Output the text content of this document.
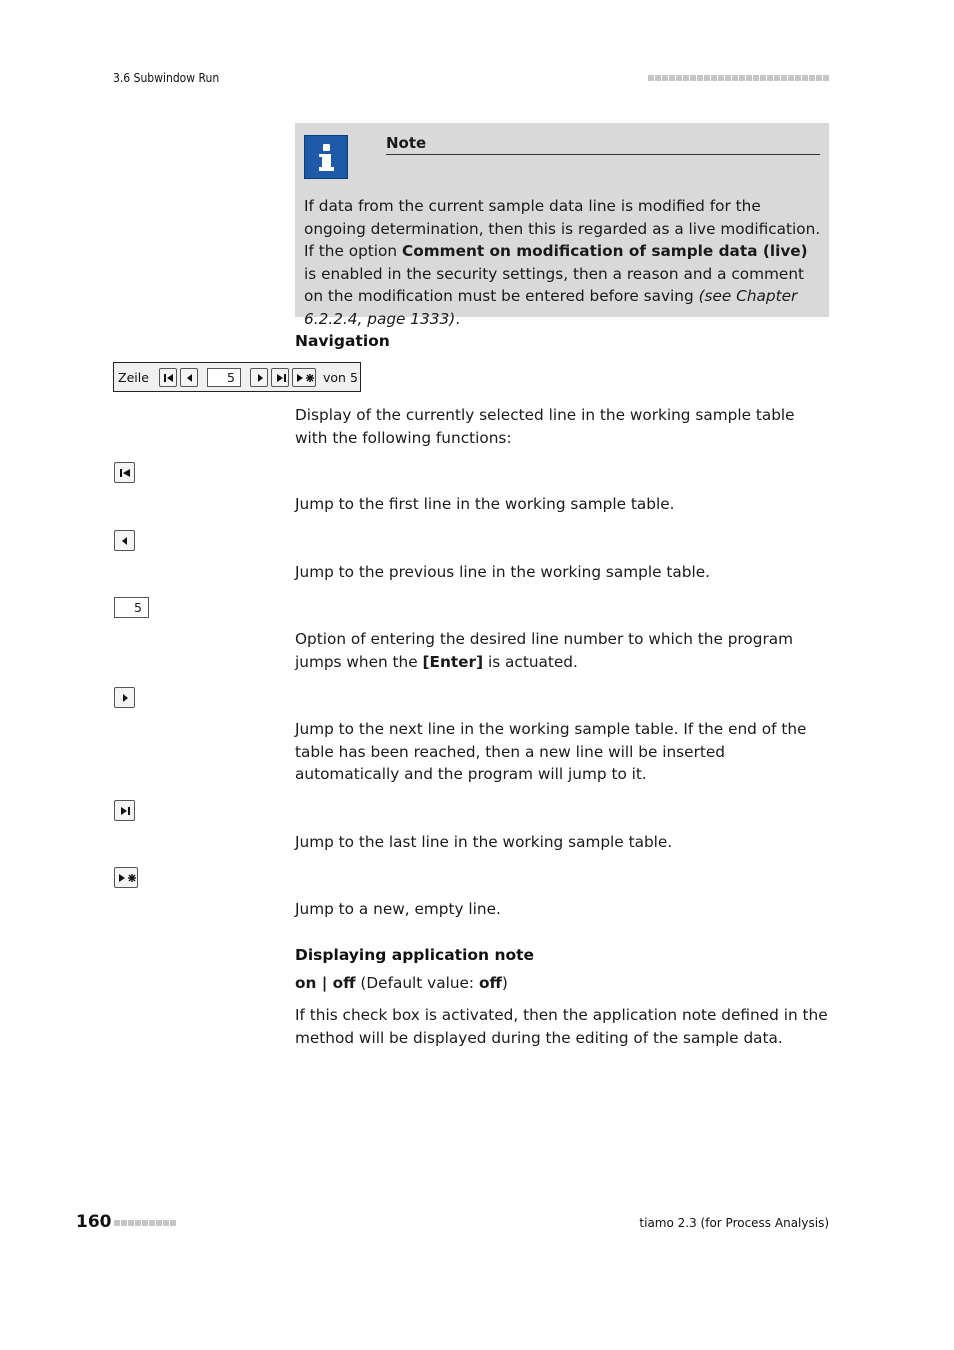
3.6 Subwindow Run
Note
If data from the current sample data line is modified for the ongoing determination, then this is regarded as a live modification. If the option Comment on modification of sample data (live) is enabled in the security settings, then a reason and a comment on the modification must be entered before saving (see Chapter 6.2.2.4, page 1333).
Navigation
Zeile	5	von 5
Display of the currently selected line in the working sample table with the following functions:
Jump to the first line in the working sample table.
Jump to the previous line in the working sample table.
5
Option of entering the desired line number to which the program jumps when the [Enter] is actuated.
Jump to the next line in the working sample table. If the end of the table has been reached, then a new line will be inserted automatically and the program will jump to it.
Jump to the last line in the working sample table.
Jump to a new, empty line.
Displaying application note
on | off (Default value: off)
If this check box is activated, then the application note defined in the method will be displayed during the editing of the sample data.
160	tiamo 2.3 (for Process Analysis)
